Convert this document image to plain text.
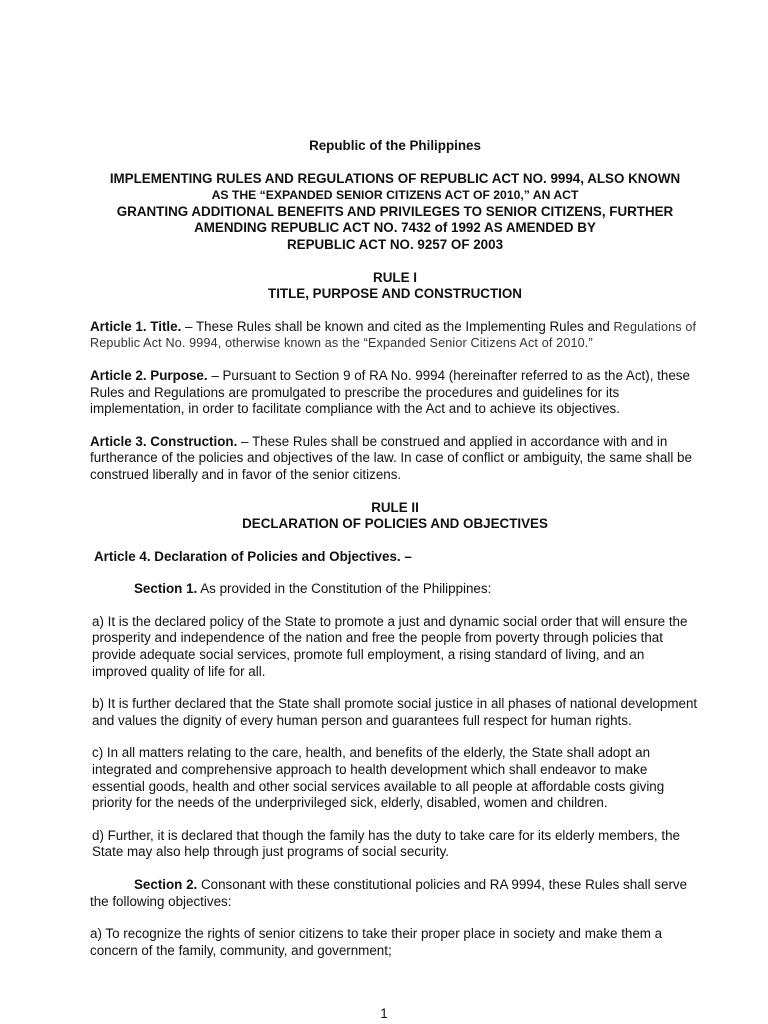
Republic of the Philippines

IMPLEMENTING RULES AND REGULATIONS OF REPUBLIC ACT NO. 9994, ALSO KNOWN

AS THE “EXPANDED SENIOR CITIZENS ACT OF 2010,” AN ACT

GRANTING ADDITIONAL BENEFITS AND PRIVILEGES TO SENIOR CITIZENS, FURTHER

AMENDING REPUBLIC ACT NO. 7432 of 1992 AS AMENDED BY

REPUBLIC ACT NO. 9257 OF 2003

RULE I

TITLE, PURPOSE AND CONSTRUCTION

Article 1. Title. – These Rules shall be known and cited as the Implementing Rules and Regulations of Republic Act No. 9994, otherwise known as the “Expanded Senior Citizens Act of 2010.”

Article 2. Purpose. – Pursuant to Section 9 of RA No. 9994 (hereinafter referred to as the Act), these Rules and Regulations are promulgated to prescribe the procedures and guidelines for its implementation, in order to facilitate compliance with the Act and to achieve its objectives.

Article 3. Construction. – These Rules shall be construed and applied in accordance with and in furtherance of the policies and objectives of the law. In case of conflict or ambiguity, the same shall be construed liberally and in favor of the senior citizens.

RULE II

DECLARATION OF POLICIES AND OBJECTIVES

Article 4. Declaration of Policies and Objectives. –

Section 1. As provided in the Constitution of the Philippines:

a) It is the declared policy of the State to promote a just and dynamic social order that will ensure the prosperity and independence of the nation and free the people from poverty through policies that provide adequate social services, promote full employment, a rising standard of living, and an improved quality of life for all.

b) It is further declared that the State shall promote social justice in all phases of national development and values the dignity of every human person and guarantees full respect for human rights.

c) In all matters relating to the care, health, and benefits of the elderly, the State shall adopt an integrated and comprehensive approach to health development which shall endeavor to make essential goods, health and other social services available to all people at affordable costs giving priority for the needs of the underprivileged sick, elderly, disabled, women and children.

d) Further, it is declared that though the family has the duty to take care for its elderly members, the State may also help through just programs of social security.

Section 2. Consonant with these constitutional policies and RA 9994, these Rules shall serve the following objectives:

a) To recognize the rights of senior citizens to take their proper place in society and make them a concern of the family, community, and government;

1
